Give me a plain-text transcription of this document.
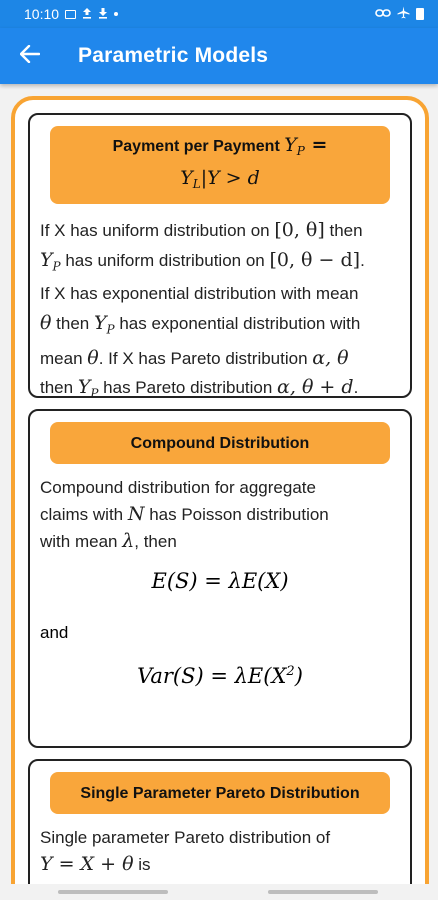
10:10
Parametric Models
Payment per Payment $Y_P$ =
$Y_L|Y > d$
If X has uniform distribution on [0, θ] then
$Y_P$ has uniform distribution on [0, θ − d].
If X has exponential distribution with mean
θ then $Y_P$ has exponential distribution with
mean θ. If X has Pareto distribution α, θ
then $Y_P$ has Pareto distribution α, θ + d.
Compound Distribution
Compound distribution for aggregate
claims with N has Poisson distribution
with mean λ, then
E(S) = λE(X)
and
$Var(S) = \lambda E(X^2)$
Single Parameter Pareto Distribution
Single parameter Pareto distribution of
Y = X + θ is
